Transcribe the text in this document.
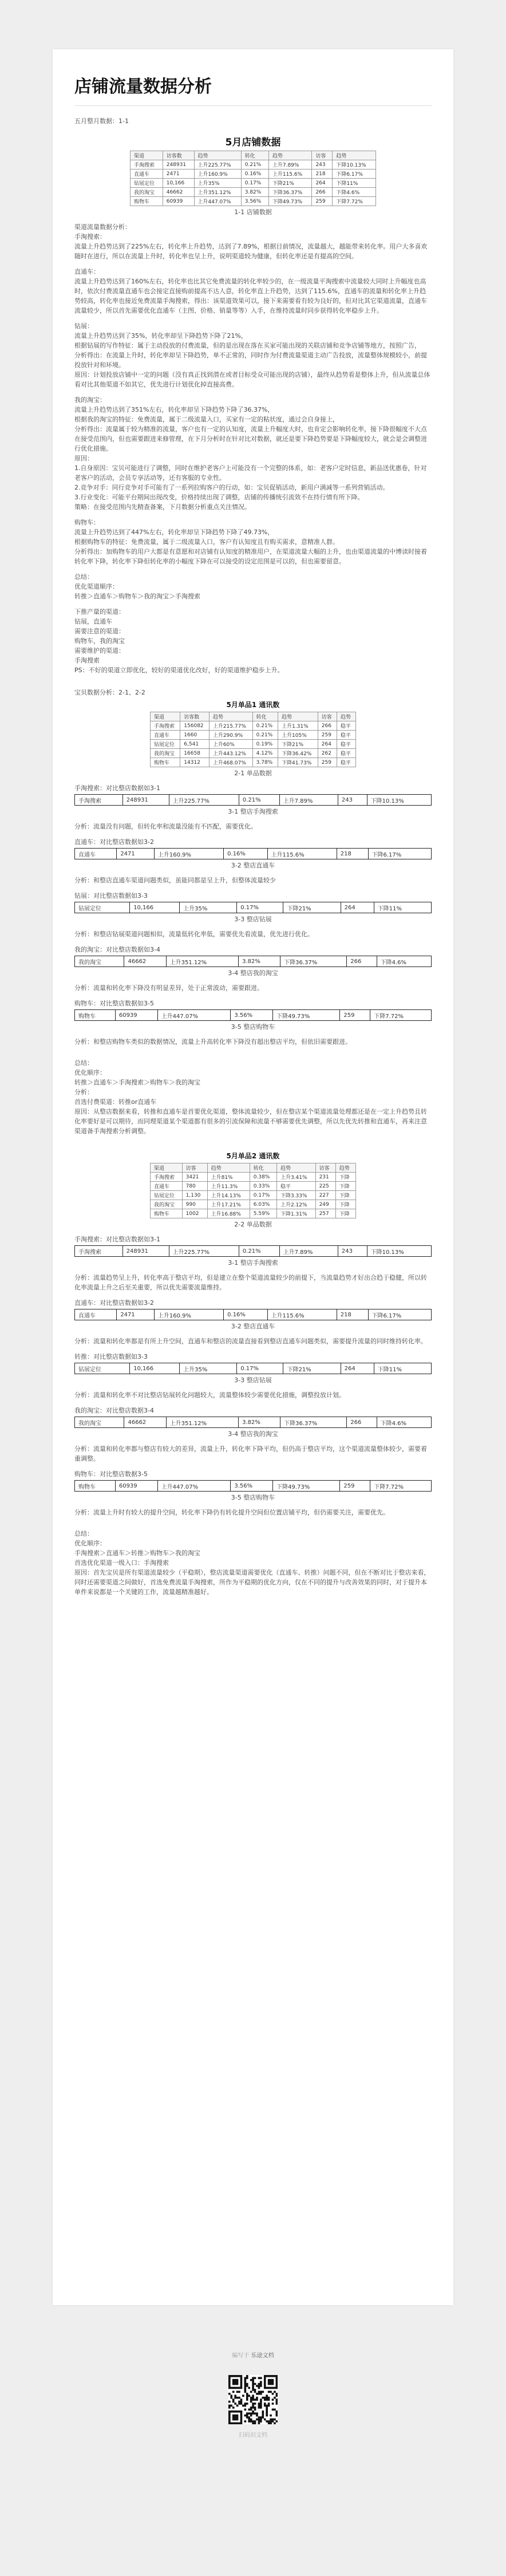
店铺流量数据分析

五月整月数据：1-1

5月店铺数据
渠道	访客数	趋势	转化	趋势	访客	趋势
手淘搜索	248931	上升225.77%	0.21%	上升7.89%	243	下降10.13%
直通车	2471	上升160.9%	0.16%	上升115.6%	218	下降6.17%
钻展定位	10,166	上升35%	0.17%	下降21%	264	下降11%
我的淘宝	46662	上升351.12%	3.82%	下降36.37%	266	下降4.6%
购物车	60939	上升447.07%	3.56%	下降49.73%	259	下降7.72%
1-1 店铺数据

渠道流量数据分析：

手淘搜索：

流量上升趋势达到了225%左右，转化率上升趋势，达到了7.89%，根据目前情况，流量越大，越能带来转化率。用户大多喜欢随时在进行，所以在流量上升时，转化率也呈上升，说明渠道较为健康，但转化率还是有提高的空间。

直通车：

流量上升趋势达到了160%左右，转化率也比其它免费流量的转化率较少的，在一级流量平淘搜索中流量较大同时上升幅度也高时，依次付费流量直通车也会接定直接购前提高不达人意，转化率直上升趋势，达到了115.6%，直通车的流量和转化率上升趋势较高，转化率也接近免费流量手淘搜索，得出：该渠道效果可以，接下来需要看有较为良好的，但对比其它渠道流量，直通车流量较少，所以首先需要优化直通车（主图、价格、销量等等）入手，在维持流量时同步获得转化率稳步上升。

钻展：

流量上升趋势达到了35%，转化率却呈下降趋势下降了21%，

根据钻展的写作特征：属于主动投放的付费流量，但的是出现在落在买家可能出现的关联店铺和竞争店铺等地方，按照广告，

分析得出：在流量上升时，转化率却呈下降趋势，单不正常的，同时作为付费流量渠道主动广告投放，流量整体规模较小，前提投放针对和环境。

原因：计划投放店铺中一定的问题（没有真正找到潜在或者目标受众可能出现的店铺），最终从趋势看是整体上升，但从流量总体看对比其他渠道不如其它，优先进行计划优化掉直接高费。

我的淘宝：

流量上升趋势达到了351%左右，转化率却呈下降趋势下降了36.37%，

根据我的淘宝的特征：免费流量，属于二级流量入口，买家有一定的粘状度，通过会自身接上，

分析得出：流量属于较为精准的流量，客户也有一定的认知度，流量上升幅度大时，也肯定会影响转化率，接下降很幅度不大点在接受范围内，但也需要跟进来修管理，在下月分析时在针对比对数据，就还是要下降趋势要是下降幅度较大，就会是会调整进行优化措施。

原因：

1.自身原因：宝贝可能进行了调整，同时在维护老客户上可能没有一个完整的体系，如：老客户定时信息，新品送优惠卷，针对老客户的活动，会员专享活动等，还有客服的专业性。

2.竞争对手：同行竞争对手可能有了一系列拉购客户的行动，如：宝贝促销活动，新用户满减等一系列营销活动。

3.行业变化：可能平台期间出现改变，价格持续出现了调整，店铺的传播统引流效不在持行情有所下降。

策略：在接受范围内先精查备案，下月数据分析重点关注情况。

购物车：

流量上升趋势达到了447%左右，转化率却呈下降趋势下降了49.73%，

根据购物车的特征：免费流量，属于二级流量入口，客户有认知度且有购买需求，意精准人群。

分析得出：加购物车的用户大都是有意愿和对店铺有认知度的精准用户，在渠道流量大幅的上升，也由渠道流量的中博读时接着转化率下降，转化率下降但转化率的小幅度下降在可以接受的设定范围是可以的，但也需要留意。

总结：

优化渠道顺序：

转推＞直通车＞购物车＞我的淘宝＞手淘搜索

下推产量的渠道：

钻展，直通车

需要注意的渠道：

购物车，我的淘宝

需要维护的渠道：

手淘搜索

PS：不好的渠道立即优化，较好的渠道优化改好，好的渠道维护稳步上升。

宝贝数据分析：2-1、2-2

5月单品1 通讯数
渠道	访客数	趋势	转化	趋势	访客	趋势
手淘搜索	156082	上升215.77%	0.21%	上升1.31%	266	稳平
直通车	1660	上升290.9%	0.21%	上升105%	259	稳平
钻展定位	6,541	上升60%	0.19%	下降21%	264	稳平
我的淘宝	16658	上升443.12%	4.12%	下降36.42%	262	稳平
购物车	14312	上升468.07%	3.78%	下降41.73%	259	稳平
2-1 单品数据

手淘搜索：对比整店数据如3-1

手淘搜索	248931	上升225.77%	0.21%	上升7.89%	243	下降10.13%
3-1 整店手淘搜索

分析：流量没有问题，但转化率和流量没能有不匹配，需要优化。

直通车：对比整店数据如3-2

直通车	2471	上升160.9%	0.16%	上升115.6%	218	下降6.17%
3-2 整店直通车

分析：和整店直通车渠道问题类似，虽能同都是呈上升，但整体流量较少

钻展：对比整店数据如3-3

钻展定位	10,166	上升35%	0.17%	下降21%	264	下降11%
3-3 整店钻展

分析：和整店钻展渠道问题相似，流量低转化率低，需要优先看流量，优先进行优化。

我的淘宝：对比整店数据如3-4

我的淘宝	46662	上升351.12%	3.82%	下降36.37%	266	下降4.6%
3-4 整店我的淘宝

分析：流量和转化率下降没有明显差异，处于正常波动，需要跟进。

购物车：对比整店数据如3-5

购物车	60939	上升447.07%	3.56%	下降49.73%	259	下降7.72%
3-5 整店购物车

分析：和整店购物车类似的数据情况，流量上升高转化率下降没有超出整店平均，但依旧需要跟进。

总结：

优化顺序：

转推＞直通车＞手淘搜索＞购物车＞我的淘宝

分析：

首选付费渠道：转推or直通车

原因：从整店数据来看，转推和直通车是首要优化渠道，整体流量较少，但在整店某个渠道流量处理都还是在一定上升趋势且转化率要好是可以期待，而同理渠道某个渠道都有很多的引流保障和流量不够需要优先调整，所以先优先转推和直通车，再来注意渠道备手淘搜索分析调整。

5月单品2 通讯数
渠道	访客	趋势	转化	趋势	访客	趋势
手淘搜索	3421	上升81%	0.38%	上升3.41%	231	下降
直通车	780	上升11.3%	0.33%	稳平	225	下降
钻展定位	1,130	上升14.13%	0.17%	下降3.33%	227	下降
我的淘宝	990	上升17.21%	6.03%	上升2.12%	249	下降
购物车	1002	上升16.88%	5.59%	下降1.31%	257	下降
2-2 单品数据

手淘搜索：对比整店数据如3-1

手淘搜索	248931	上升225.77%	0.21%	上升7.89%	243	下降10.13%
3-1 整店手淘搜索

分析：流量趋势呈上升，转化率高于整店平均，但是建立在整个渠道流量较少的前提下，当流量趋势才好出合趋于稳健，所以转化率流量上升之后至关重要，所以优先需要流量维持。

直通车：对比整店数据如3-2

直通车	2471	上升160.9%	0.16%	上升115.6%	218	下降6.17%
3-2 整店直通车

分析：流量和转化率都是有所上升空间，直通车和整店的流量直接看到整店直通车问题类似，需要提升流量的同时维持转化率。

转推：对比整店数据如3-3

钻展定位	10,166	上升35%	0.17%	下降21%	264	下降11%
3-3 整店钻展

分析：流量和转化率不对比整店钻展转化问题较大，流量整体较少需要优化措施，调整投放计划。

我的淘宝：对比整店数据3-4

我的淘宝	46662	上升351.12%	3.82%	下降36.37%	266	下降4.6%
3-4 整店我的淘宝

分析：流量和转化率都与整店有较大的差异，流量上升，转化率下降平均，但仍高于整店平均，这个渠道流量整体较少，需要着重调整。

购物车：对比整店数据3-5

购物车	60939	上升447.07%	3.56%	下降49.73%	259	下降7.72%
3-5 整店购物车

分析：流量上升时有较大的提升空间，转化率下降仍有转化提升空间但位置店铺平均，但仍需要关注，需要优先。

总结：

优化顺序：

手淘搜索＞直通车＞转推＞购物车＞我的淘宝

首选优化渠道一级入口：手淘搜索

原因：首先宝贝是所有渠道流量较少（平稳期），整店流量渠道需要优化（直通车、转推）问题不同，但在不断对比于整店来看，同时还需要渠道之间做好，首选免费流量手淘搜索，所作为平稳期的优化方向，仅在不同的提升与改善效果的同时，对于提升本单件来说都是一个关键的工作，流量越精准越好。

编写于 乐途文档
扫码识文档
